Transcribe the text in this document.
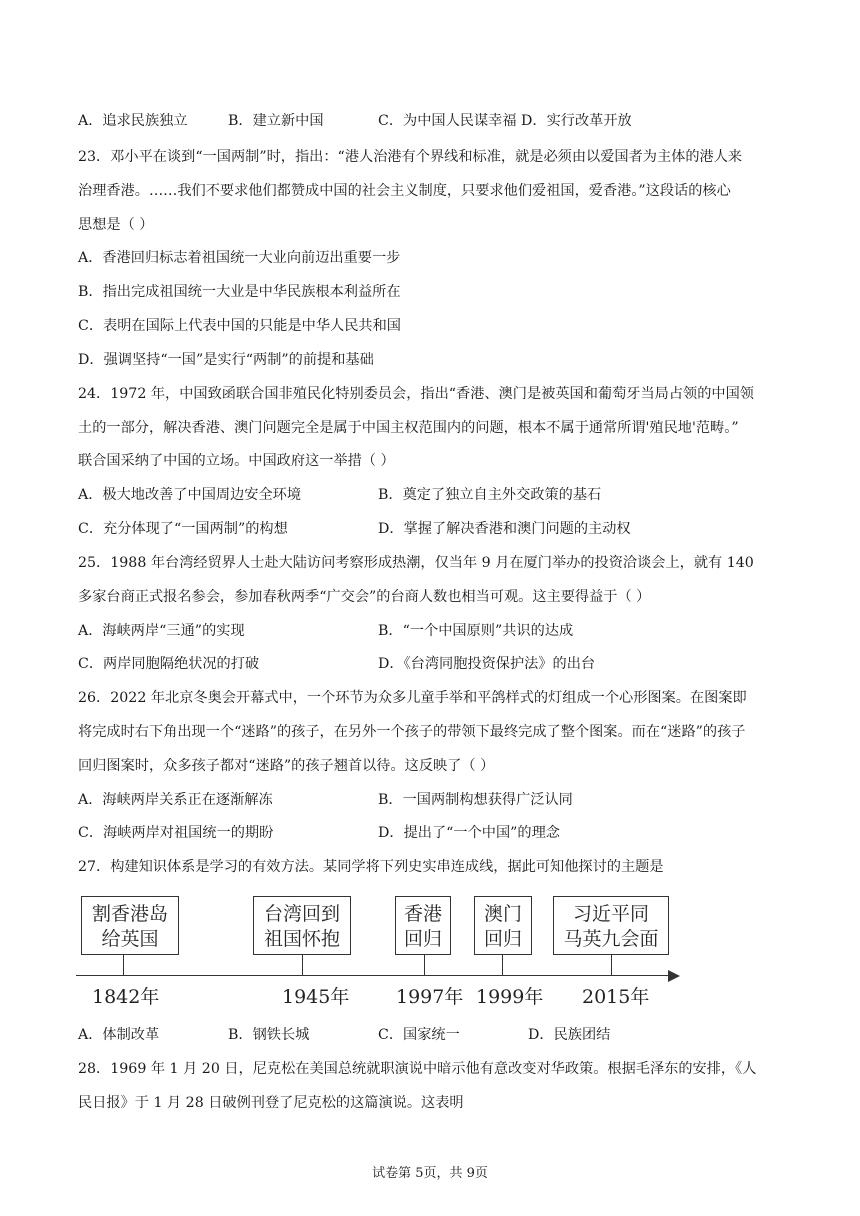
A．追求民族独立	B．建立新中国	C．为中国人民谋幸福 D．实行改革开放
23．邓小平在谈到“一国两制”时，指出：“港人治港有个界线和标准，就是必须由以爱国者为主体的港人来
治理香港。……我们不要求他们都赞成中国的社会主义制度，只要求他们爱祖国，爱香港。”这段话的核心
思想是（ ）
A．香港回归标志着祖国统一大业向前迈出重要一步
B．指出完成祖国统一大业是中华民族根本利益所在
C．表明在国际上代表中国的只能是中华人民共和国
D．强调坚持“一国”是实行“两制”的前提和基础
24．1972 年，中国致函联合国非殖民化特别委员会，指出“香港、澳门是被英国和葡萄牙当局占领的中国领
土的一部分，解决香港、澳门问题完全是属于中国主权范围内的问题，根本不属于通常所谓'殖民地'范畴。”
联合国采纳了中国的立场。中国政府这一举措（ ）
A．极大地改善了中国周边安全环境	B．奠定了独立自主外交政策的基石
C．充分体现了“一国两制”的构想	D．掌握了解决香港和澳门问题的主动权
25．1988 年台湾经贸界人士赴大陆访问考察形成热潮，仅当年 9 月在厦门举办的投资洽谈会上，就有 140
多家台商正式报名参会，参加春秋两季“广交会”的台商人数也相当可观。这主要得益于（ ）
A．海峡两岸“三通”的实现	B．“一个中国原则”共识的达成
C．两岸同胞隔绝状况的打破	D．《台湾同胞投资保护法》的出台
26．2022 年北京冬奥会开幕式中，一个环节为众多儿童手举和平鸽样式的灯组成一个心形图案。在图案即
将完成时右下角出现一个“迷路”的孩子，在另外一个孩子的带领下最终完成了整个图案。而在“迷路”的孩子
回归图案时，众多孩子都对“迷路”的孩子翘首以待。这反映了（ ）
A．海峡两岸关系正在逐渐解冻	B．一国两制构想获得广泛认同
C．海峡两岸对祖国统一的期盼	D．提出了“一个中国”的理念
27．构建知识体系是学习的有效方法。某同学将下列史实串连成线，据此可知他探讨的主题是
割香港岛
给英国
台湾回到
祖国怀抱
香港
回归
澳门
回归
习近平同
马英九会面
1842年	1945年 1997年 1999年 2015年
A．体制改革	B．钢铁长城	C．国家统一	D．民族团结
28．1969 年 1 月 20 日，尼克松在美国总统就职演说中暗示他有意改变对华政策。根据毛泽东的安排，《人
民日报》于 1 月 28 日破例刊登了尼克松的这篇演说。这表明
试卷第 5页，共 9页
